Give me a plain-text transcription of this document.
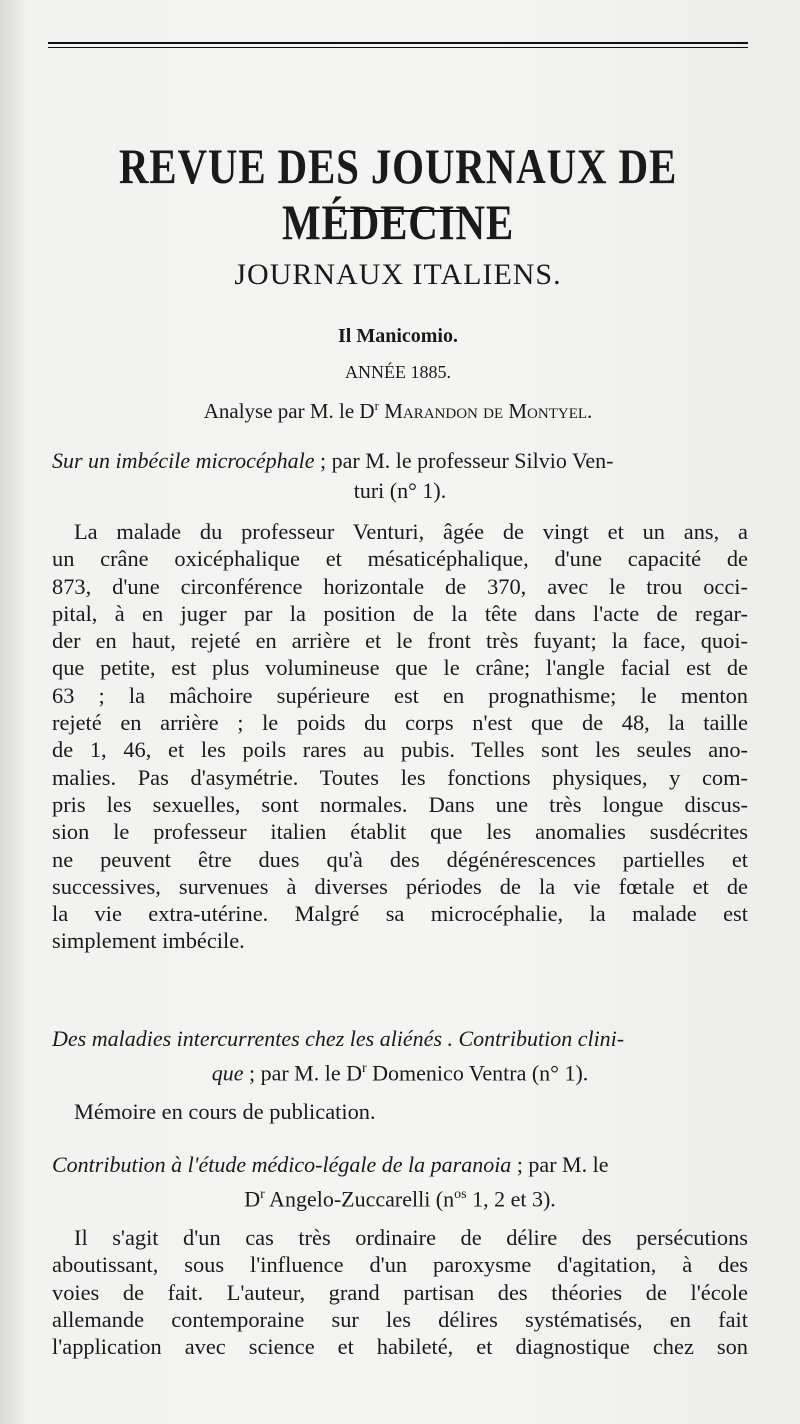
REVUE DES JOURNAUX DE MÉDECINE
JOURNAUX ITALIENS.
Il Manicomio.
ANNÉE 1885.
Analyse par M. le $D^r$ Marandon de Montyel.
Sur un imbécile microcéphale ; par M. le professeur Silvio Ven-
turi (n° 1).
La malade du professeur Venturi, âgée de vingt et un ans, a
un crâne oxicéphalique et mésaticéphalique, d'une capacité de
873, d'une circonférence horizontale de 370, avec le trou occi-
pital, à en juger par la position de la tête dans l'acte de regar-
der en haut, rejeté en arrière et le front très fuyant; la face, quoi-
que petite, est plus volumineuse que le crâne; l'angle facial est de
63 ; la mâchoire supérieure est en prognathisme; le menton
rejeté en arrière ; le poids du corps n'est que de 48, la taille
de 1, 46, et les poils rares au pubis. Telles sont les seules ano-
malies. Pas d'asymétrie. Toutes les fonctions physiques, y com-
pris les sexuelles, sont normales. Dans une très longue discus-
sion le professeur italien établit que les anomalies susdécrites
ne peuvent être dues qu'à des dégénérescences partielles et
successives, survenues à diverses périodes de la vie fœtale et de
la vie extra-utérine. Malgré sa microcéphalie, la malade est
simplement imbécile.
Des maladies intercurrentes chez les aliénés . Contribution clini-
que ; par M. le $D^r$ Domenico Ventra (n° 1).
Mémoire en cours de publication.
Contribution à l'étude médico-légale de la paranoia ; par M. le
$D^r$ Angelo-Zuccarelli ($n^{os}$ 1, 2 et 3).
Il s'agit d'un cas très ordinaire de délire des persécutions
aboutissant, sous l'influence d'un paroxysme d'agitation, à des
voies de fait. L'auteur, grand partisan des théories de l'école
allemande contemporaine sur les délires systématisés, en fait
l'application avec science et habileté, et diagnostique chez son
